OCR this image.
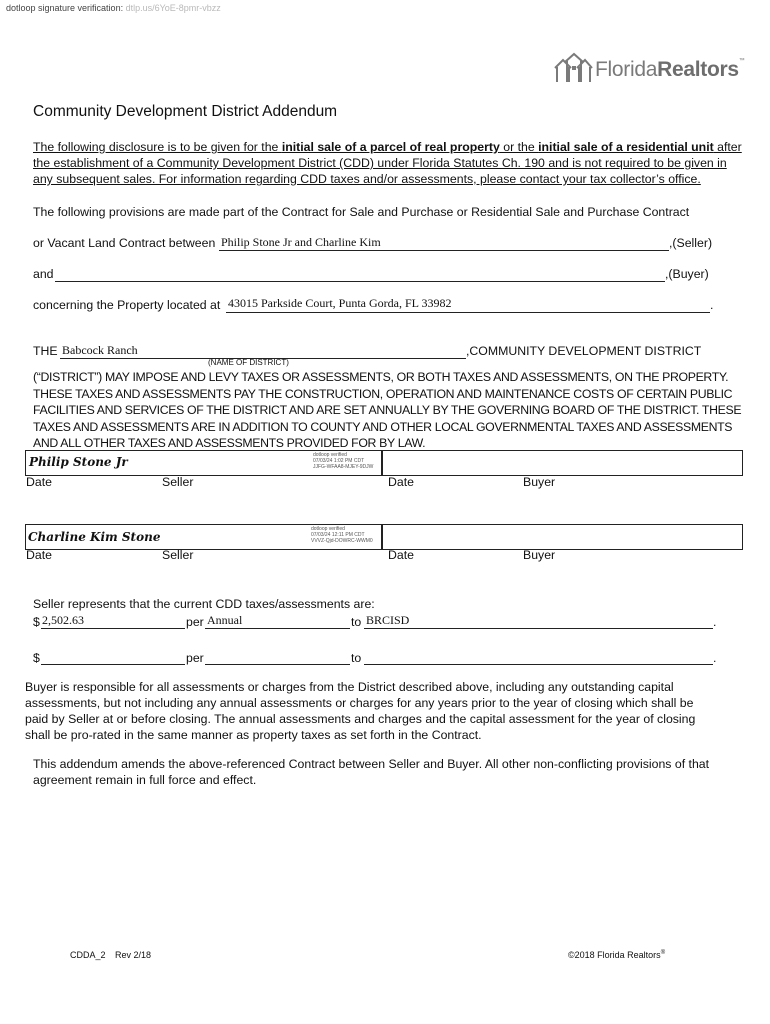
dotloop signature verification: dtlp.us/6YoE-8pmr-vbzz
FloridaRealtors™
Community Development District Addendum
The following disclosure is to be given for the initial sale of a parcel of real property or the initial sale of a residential unit after the establishment of a Community Development District (CDD) under Florida Statutes Ch. 190 and is not required to be given in any subsequent sales. For information regarding CDD taxes and/or assessments, please contact your tax collector’s office.
The following provisions are made part of the Contract for Sale and Purchase or Residential Sale and Purchase Contract
or Vacant Land Contract between Philip Stone Jr and Charline Kim	,(Seller)
and	,(Buyer)
concerning the Property located at 43015 Parkside Court, Punta Gorda, FL 33982	.
THE Babcock Ranch
(NAME OF DISTRICT)
,COMMUNITY DEVELOPMENT DISTRICT
(“DISTRICT”) MAY IMPOSE AND LEVY TAXES OR ASSESSMENTS, OR BOTH TAXES AND ASSESSMENTS, ON THE PROPERTY. THESE TAXES AND ASSESSMENTS PAY THE CONSTRUCTION, OPERATION AND MAINTENANCE COSTS OF CERTAIN PUBLIC FACILITIES AND SERVICES OF THE DISTRICT AND ARE SET ANNUALLY BY THE GOVERNING BOARD OF THE DISTRICT. THESE TAXES AND ASSESSMENTS ARE IN ADDITION TO COUNTY AND OTHER LOCAL GOVERNMENTAL TAXES AND ASSESSMENTS AND ALL OTHER TAXES AND ASSESSMENTS PROVIDED FOR BY LAW.
Philip Stone Jr	dotloop verified
07/03/24 1:02 PM CDT
JJFG-WFAA8-MJEY-9DJW
Date	Seller	Date	Buyer
Charline Kim Stone
dotloop verified
07/03/24 12:11 PM CDT
VVVZ-Qjd-DOWRC-WWM0
Date	Seller	Date	Buyer
Seller represents that the current CDD taxes/assessments are:
$ 2,502.63	per Annual	to BRCISD	.
$	per	to	.
Buyer is responsible for all assessments or charges from the District described above, including any outstanding capital assessments, but not including any annual assessments or charges for any years prior to the year of closing which shall be paid by Seller at or before closing. The annual assessments and charges and the capital assessment for the year of closing shall be pro-rated in the same manner as property taxes as set forth in the Contract.
This addendum amends the above-referenced Contract between Seller and Buyer. All other non-conflicting provisions of that agreement remain in full force and effect.
CDDA_2 Rev 2/18	©2018 Florida Realtors®
